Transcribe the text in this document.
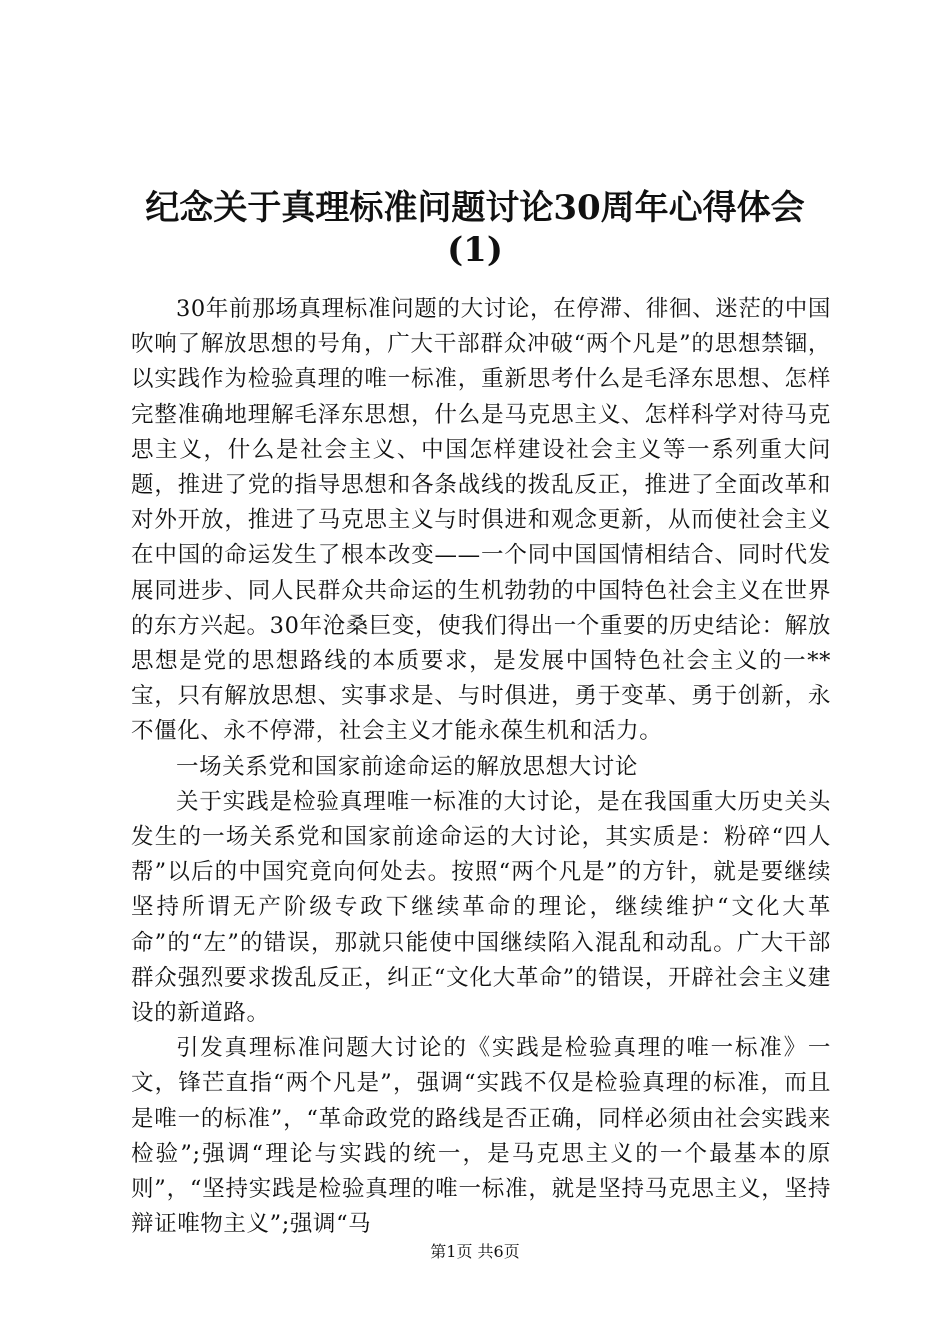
纪念关于真理标准问题讨论30周年心得体会
(1)

30年前那场真理标准问题的大讨论，在停滞、徘徊、迷茫的中国吹响了解放思想的号角，广大干部群众冲破“两个凡是”的思想禁锢，以实践作为检验真理的唯一标准，重新思考什么是毛泽东思想、怎样完整准确地理解毛泽东思想，什么是马克思主义、怎样科学对待马克思主义，什么是社会主义、中国怎样建设社会主义等一系列重大问题，推进了党的指导思想和各条战线的拨乱反正，推进了全面改革和对外开放，推进了马克思主义与时俱进和观念更新，从而使社会主义在中国的命运发生了根本改变——一个同中国国情相结合、同时代发展同进步、同人民群众共命运的生机勃勃的中国特色社会主义在世界的东方兴起。30年沧桑巨变，使我们得出一个重要的历史结论：解放思想是党的思想路线的本质要求，是发展中国特色社会主义的一**宝，只有解放思想、实事求是、与时俱进，勇于变革、勇于创新，永不僵化、永不停滞，社会主义才能永葆生机和活力。

一场关系党和国家前途命运的解放思想大讨论

关于实践是检验真理唯一标准的大讨论，是在我国重大历史关头发生的一场关系党和国家前途命运的大讨论，其实质是：粉碎“四人帮”以后的中国究竟向何处去。按照“两个凡是”的方针，就是要继续坚持所谓无产阶级专政下继续革命的理论，继续维护“文化大革命”的“左”的错误，那就只能使中国继续陷入混乱和动乱。广大干部群众强烈要求拨乱反正，纠正“文化大革命”的错误，开辟社会主义建设的新道路。

引发真理标准问题大讨论的《实践是检验真理的唯一标准》一文，锋芒直指“两个凡是”，强调“实践不仅是检验真理的标准，而且是唯一的标准”，“革命政党的路线是否正确，同样必须由社会实践来检验”;强调“理论与实践的统一，是马克思主义的一个最基本的原则”，“坚持实践是检验真理的唯一标准，就是坚持马克思主义，坚持辩证唯物主义”;强调“马

第1页 共6页
